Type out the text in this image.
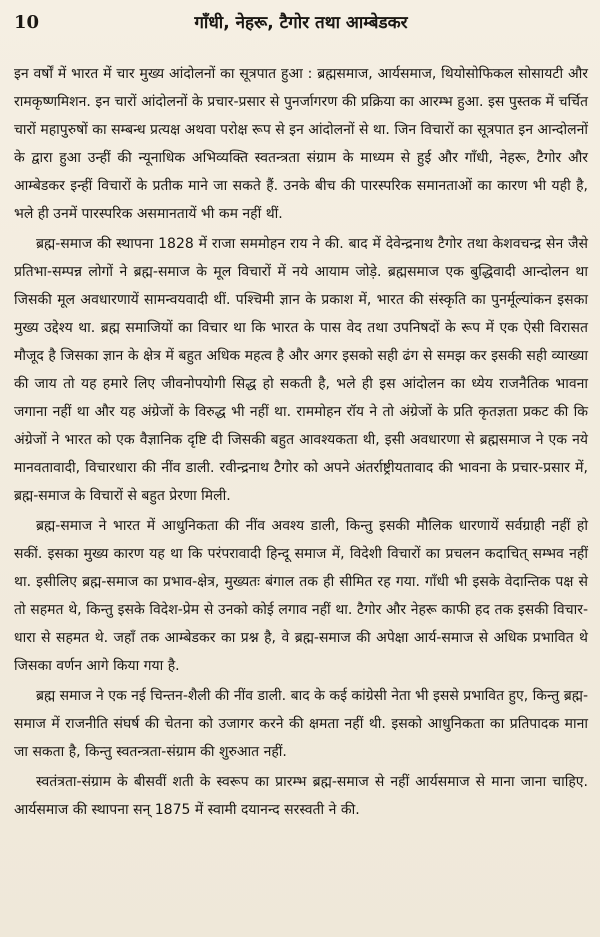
10	गाँधी, नेहरू, टैगोर तथा आम्बेडकर

इन वर्षों में भारत में चार मुख्य आंदोलनों का सूत्रपात हुआ : ब्रह्मसमाज, आर्यसमाज, थियोसोफिकल सोसायटी और रामकृष्णमिशन. इन चारों आंदोलनों के प्रचार-प्रसार से पुनर्जागरण की प्रक्रिया का आरम्भ हुआ. इस पुस्तक में चर्चित चारों महापुरुषों का सम्बन्ध प्रत्यक्ष अथवा परोक्ष रूप से इन आंदोलनों से था. जिन विचारों का सूत्रपात इन आन्दोलनों के द्वारा हुआ उन्हीं की न्यूनाधिक अभिव्यक्ति स्वतन्त्रता संग्राम के माध्यम से हुई और गाँधी, नेहरू, टैगोर और आम्बेडकर इन्हीं विचारों के प्रतीक माने जा सकते हैं. उनके बीच की पारस्परिक समानताओं का कारण भी यही है, भले ही उनमें पारस्परिक असमानतायें भी कम नहीं थीं.

ब्रह्म-समाज की स्थापना 1828 में राजा सममोहन राय ने की. बाद में देवेन्द्रनाथ टैगोर तथा केशवचन्द्र सेन जैसे प्रतिभा-सम्पन्न लोगों ने ब्रह्म-समाज के मूल विचारों में नये आयाम जोड़े. ब्रह्मसमाज एक बुद्धिवादी आन्दोलन था जिसकी मूल अवधारणायें सामन्वयवादी थीं. पश्चिमी ज्ञान के प्रकाश में, भारत की संस्कृति का पुनर्मूल्यांकन इसका मुख्य उद्देश्य था. ब्रह्म समाजियों का विचार था कि भारत के पास वेद तथा उपनिषदों के रूप में एक ऐसी विरासत मौजूद है जिसका ज्ञान के क्षेत्र में बहुत अधिक महत्व है और अगर इसको सही ढंग से समझ कर इसकी सही व्याख्या की जाय तो यह हमारे लिए जीवनोपयोगी सिद्ध हो सकती है, भले ही इस आंदोलन का ध्येय राजनैतिक भावना जगाना नहीं था और यह अंग्रेजों के विरुद्ध भी नहीं था. राममोहन रॉय ने तो अंग्रेजों के प्रति कृतज्ञता प्रकट की कि अंग्रेजों ने भारत को एक वैज्ञानिक दृष्टि दी जिसकी बहुत आवश्यकता थी, इसी अवधारणा से ब्रह्मसमाज ने एक नये मानवतावादी, विचारधारा की नींव डाली. रवीन्द्रनाथ टैगोर को अपने अंतर्राष्ट्रीयतावाद की भावना के प्रचार-प्रसार में, ब्रह्म-समाज के विचारों से बहुत प्रेरणा मिली.

ब्रह्म-समाज ने भारत में आधुनिकता की नींव अवश्य डाली, किन्तु इसकी मौलिक धारणायें सर्वग्राही नहीं हो सकीं. इसका मुख्य कारण यह था कि परंपरावादी हिन्दू समाज में, विदेशी विचारों का प्रचलन कदाचित् सम्भव नहीं था. इसीलिए ब्रह्म-समाज का प्रभाव-क्षेत्र, मुख्यतः बंगाल तक ही सीमित रह गया. गाँधी भी इसके वेदान्तिक पक्ष से तो सहमत थे, किन्तु इसके विदेश-प्रेम से उनको कोई लगाव नहीं था. टैगोर और नेहरू काफी हद तक इसकी विचार-धारा से सहमत थे. जहाँ तक आम्बेडकर का प्रश्न है, वे ब्रह्म-समाज की अपेक्षा आर्य-समाज से अधिक प्रभावित थे जिसका वर्णन आगे किया गया है.

ब्रह्म समाज ने एक नई चिन्तन-शैली की नींव डाली. बाद के कई कांग्रेसी नेता भी इससे प्रभावित हुए, किन्तु ब्रह्म-समाज में राजनीति संघर्ष की चेतना को उजागर करने की क्षमता नहीं थी. इसको आधुनिकता का प्रतिपादक माना जा सकता है, किन्तु स्वतन्त्रता-संग्राम की शुरुआत नहीं.

स्वतंत्रता-संग्राम के बीसवीं शती के स्वरूप का प्रारम्भ ब्रह्म-समाज से नहीं आर्यसमाज से माना जाना चाहिए. आर्यसमाज की स्थापना सन् 1875 में स्वामी दयानन्द सरस्वती ने की.
